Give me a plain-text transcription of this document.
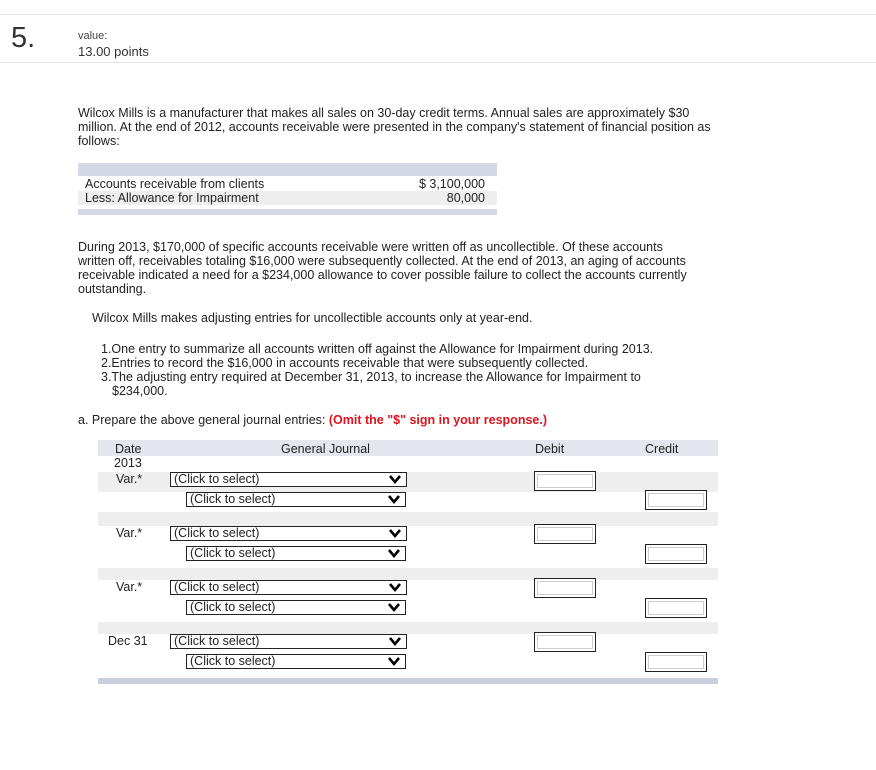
5.	value:
13.00 points
Wilcox Mills is a manufacturer that makes all sales on 30-day credit terms. Annual sales are approximately $30 million. At the end of 2012, accounts receivable were presented in the company's statement of financial position as follows:
Accounts receivable from clients	$ 3,100,000
Less: Allowance for Impairment	80,000
During 2013, $170,000 of specific accounts receivable were written off as uncollectible. Of these accounts written off, receivables totaling $16,000 were subsequently collected. At the end of 2013, an aging of accounts receivable indicated a need for a $234,000 allowance to cover possible failure to collect the accounts currently outstanding.
Wilcox Mills makes adjusting entries for uncollectible accounts only at year-end.
1.One entry to summarize all accounts written off against the Allowance for Impairment during 2013.
2.Entries to record the $16,000 in accounts receivable that were subsequently collected.
3.The adjusting entry required at December 31, 2013, to increase the Allowance for Impairment to
$234,000.
a. Prepare the above general journal entries: (Omit the "$" sign in your response.)
Date	General Journal	Debit	Credit
2013
Var.*	(Click to select)
(Click to select)
Var.*	(Click to select)
(Click to select)
Var.*	(Click to select)
(Click to select)
Dec 31	(Click to select)
(Click to select)
